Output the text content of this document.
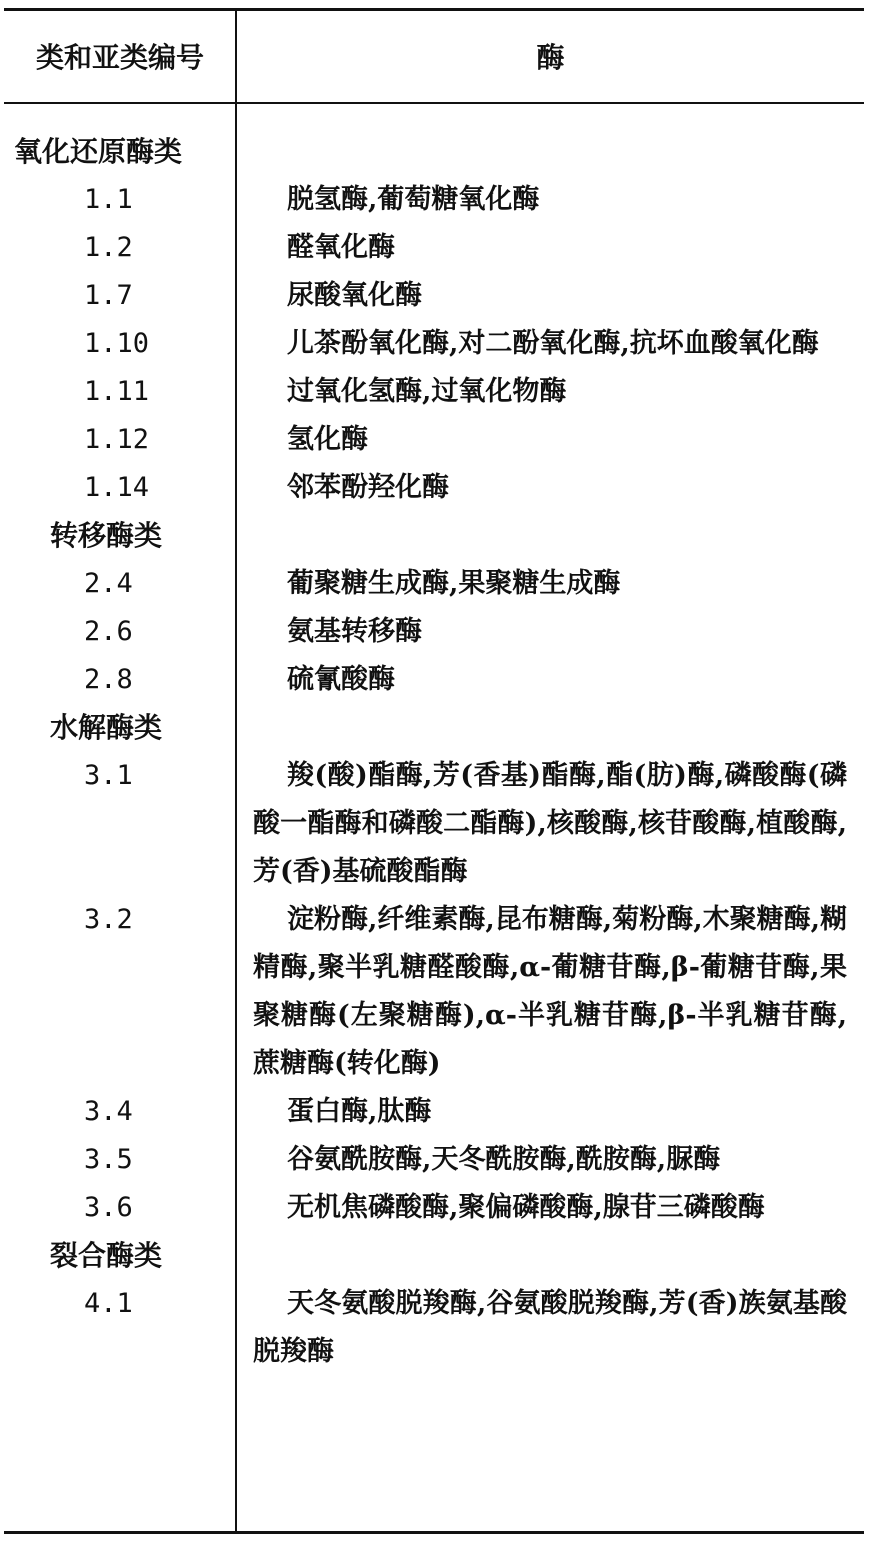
类和亚类编号	酶
氧化还原酶类
1.1	脱氢酶,葡萄糖氧化酶
1.2	醛氧化酶
1.7	尿酸氧化酶
1.10	儿茶酚氧化酶,对二酚氧化酶,抗坏血酸氧化酶
1.11	过氧化氢酶,过氧化物酶
1.12	氢化酶
1.14	邻苯酚羟化酶
转移酶类
2.4	葡聚糖生成酶,果聚糖生成酶
2.6	氨基转移酶
2.8	硫氰酸酶
水解酶类
3.1	羧(酸)酯酶,芳(香基)酯酶,酯(肪)酶,磷酸酶(磷酸一酯酶和磷酸二酯酶),核酸酶,核苷酸酶,植酸酶,芳(香)基硫酸酯酶
3.2	淀粉酶,纤维素酶,昆布糖酶,菊粉酶,木聚糖酶,糊精酶,聚半乳糖醛酸酶,α-葡糖苷酶,β-葡糖苷酶,果聚糖酶(左聚糖酶),α-半乳糖苷酶,β-半乳糖苷酶,蔗糖酶(转化酶)
3.4	蛋白酶,肽酶
3.5	谷氨酰胺酶,天冬酰胺酶,酰胺酶,脲酶
3.6	无机焦磷酸酶,聚偏磷酸酶,腺苷三磷酸酶
裂合酶类
4.1	天冬氨酸脱羧酶,谷氨酸脱羧酶,芳(香)族氨基酸脱羧酶
